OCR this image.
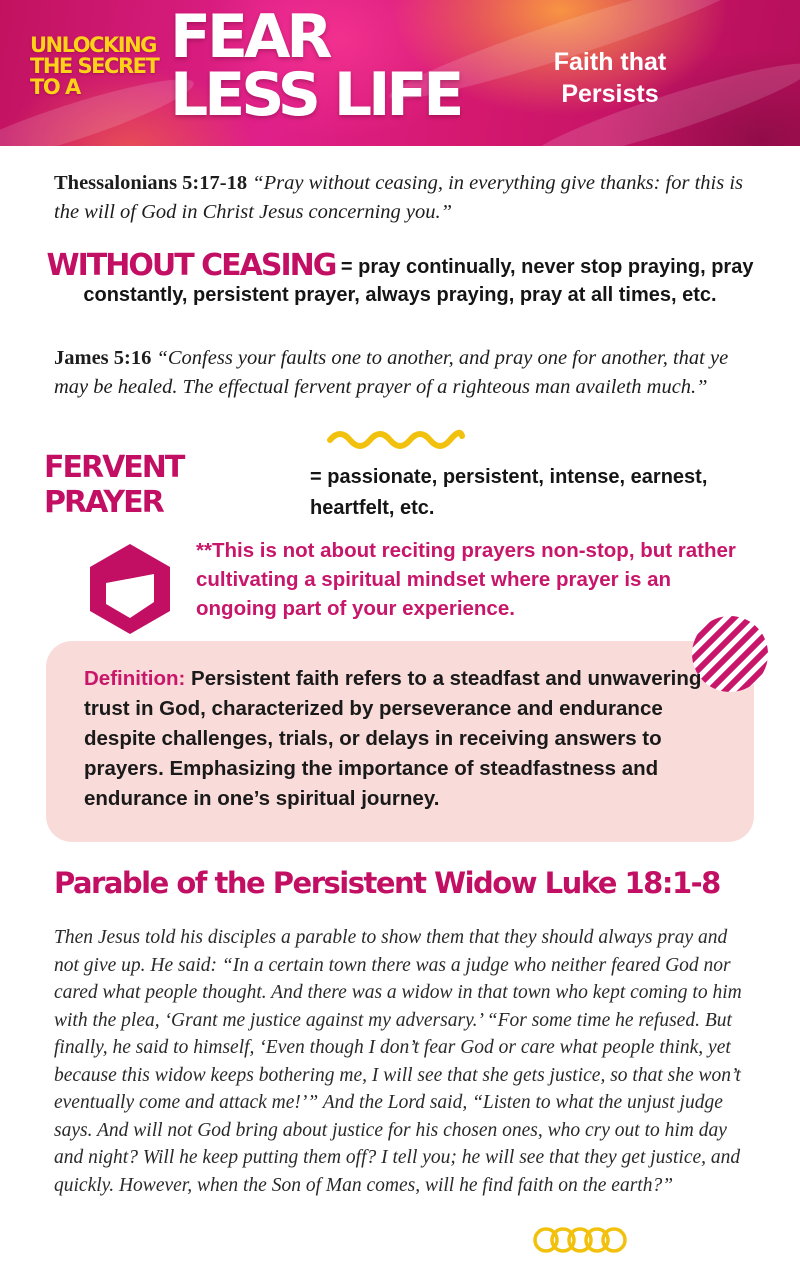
UNLOCKING
THE SECRET
TO A
FEAR
LESS LIFE	Faith that
Persists
Thessalonians 5:17-18 “Pray without ceasing, in everything give thanks: for this is the will of God in Christ Jesus concerning you.”
WITHOUT CEASING = pray continually, never stop praying, pray constantly, persistent prayer, always praying, pray at all times, etc.
James 5:16 “Confess your faults one to another, and pray one for another, that ye may be healed. The effectual fervent prayer of a righteous man availeth much.”
FERVENT PRAYER
= passionate, persistent, intense, earnest, heartfelt, etc.
**This is not about reciting prayers non-stop, but rather cultivating a spiritual mindset where prayer is an ongoing part of your experience.
Definition: Persistent faith refers to a steadfast and unwavering trust in God, characterized by perseverance and endurance despite challenges, trials, or delays in receiving answers to prayers. Emphasizing the importance of steadfastness and endurance in one’s spiritual journey.
Parable of the Persistent Widow Luke 18:1-8
Then Jesus told his disciples a parable to show them that they should always pray and not give up. He said: “In a certain town there was a judge who neither feared God nor cared what people thought. And there was a widow in that town who kept coming to him with the plea, ‘Grant me justice against my adversary.’ “For some time he refused. But finally, he said to himself, ‘Even though I don’t fear God or care what people think, yet because this widow keeps bothering me, I will see that she gets justice, so that she won’t eventually come and attack me!’” And the Lord said, “Listen to what the unjust judge says. And will not God bring about justice for his chosen ones, who cry out to him day and night? Will he keep putting them off? I tell you; he will see that they get justice, and quickly. However, when the Son of Man comes, will he find faith on the earth?”
